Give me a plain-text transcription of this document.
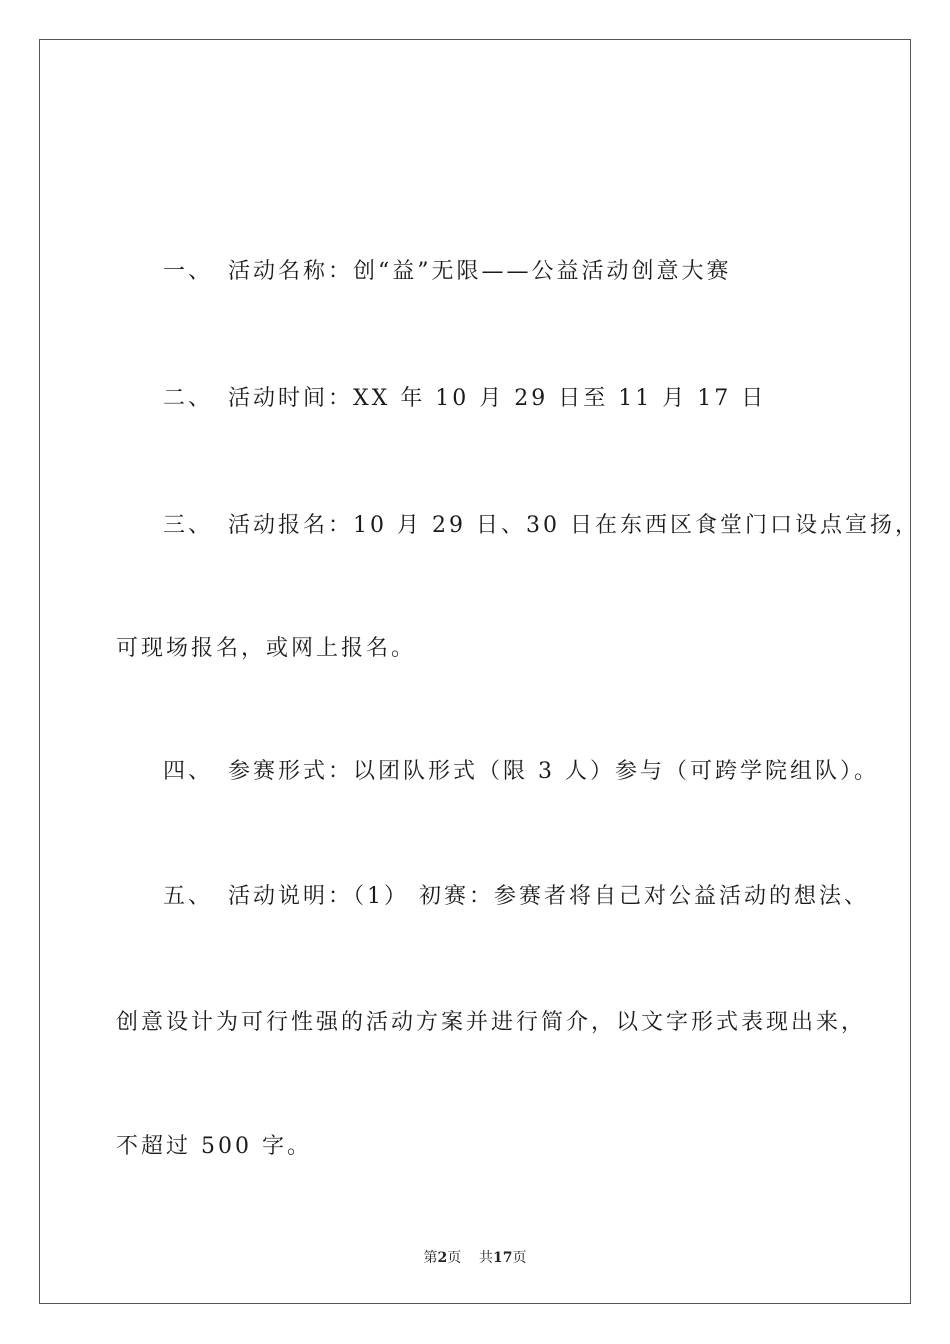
一、 活动名称：创“益”无限——公益活动创意大赛
二、 活动时间：XX 年 10 月 29 日至 11 月 17 日
三、 活动报名：10 月 29 日、30 日在东西区食堂门口设点宣扬，
可现场报名，或网上报名。
四、 参赛形式：以团队形式（限 3 人）参与（可跨学院组队）。
五、 活动说明：（1） 初赛：参赛者将自己对公益活动的想法、
创意设计为可行性强的活动方案并进行简介，以文字形式表现出来，
不超过 500 字。
第2页 共17页
